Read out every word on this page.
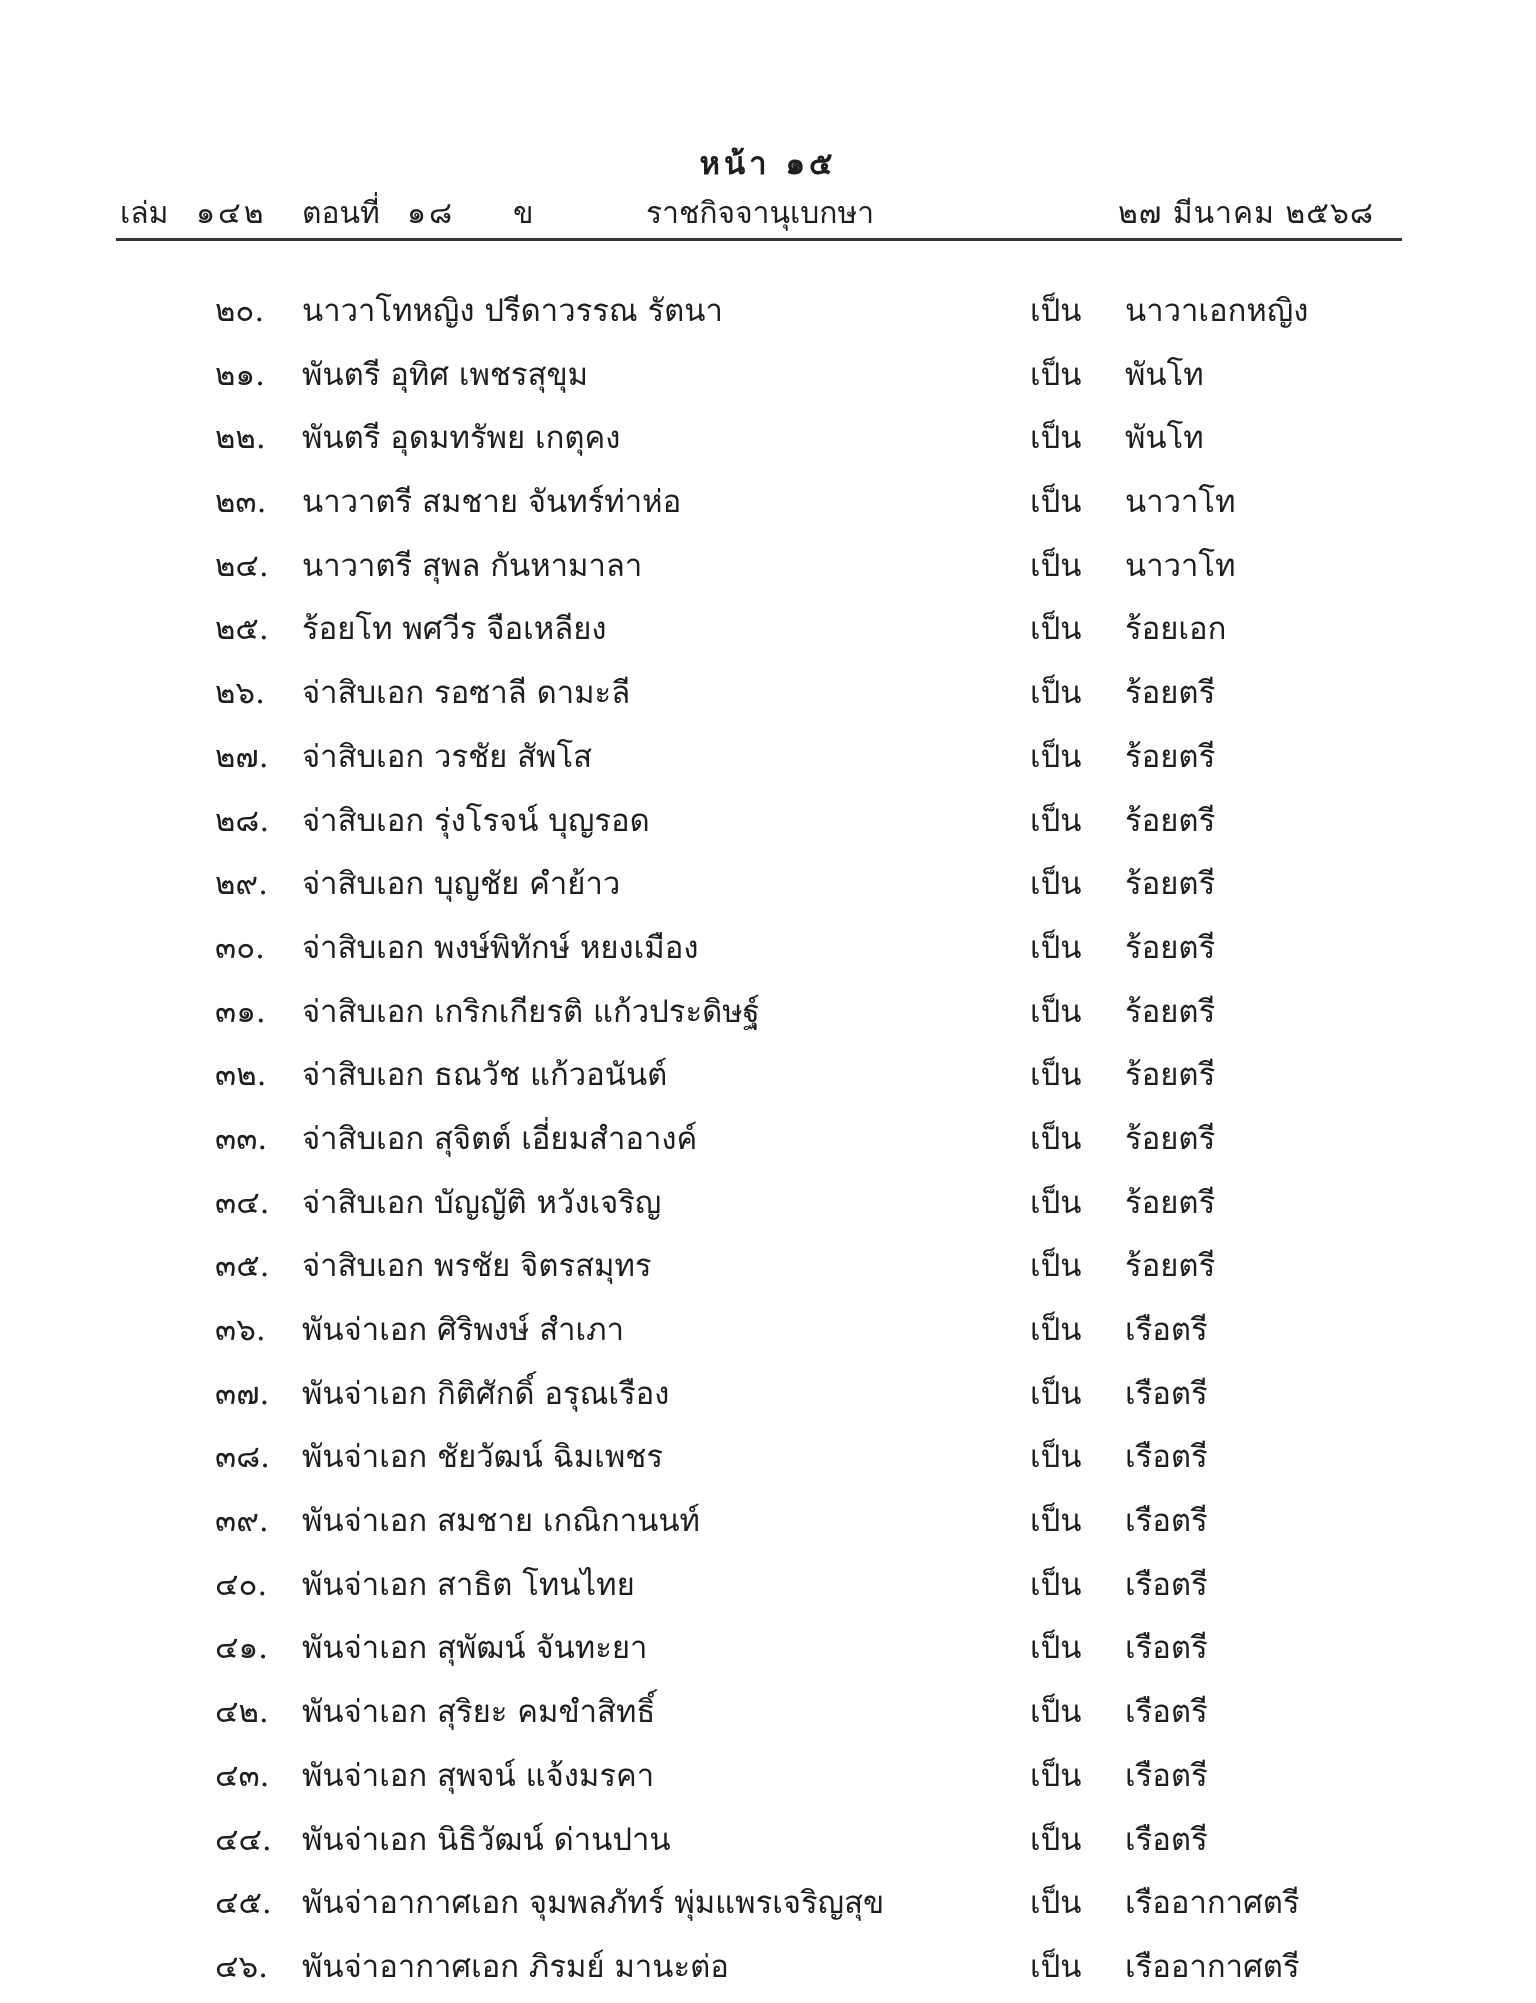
หน้า ๑๕
เล่ม ๑๔๒ ตอนที่ ๑๘ ข	ราชกิจจานุเบกษา	๒๗ มีนาคม ๒๕๖๘
๒๐. นาวาโทหญิง ปรีดาวรรณ รัตนา	เป็น นาวาเอกหญิง
๒๑. พันตรี อุทิศ เพชรสุขุม	เป็น พันโท
๒๒. พันตรี อุดมทรัพย เกตุคง	เป็น พันโท
๒๓. นาวาตรี สมชาย จันทร์ท่าห่อ	เป็น นาวาโท
๒๔. นาวาตรี สุพล กันหามาลา	เป็น นาวาโท
๒๕. ร้อยโท พศวีร จือเหลียง	เป็น ร้อยเอก
๒๖. จ่าสิบเอก รอซาลี ดามะลี	เป็น ร้อยตรี
๒๗. จ่าสิบเอก วรชัย สัพโส	เป็น ร้อยตรี
๒๘. จ่าสิบเอก รุ่งโรจน์ บุญรอด	เป็น ร้อยตรี
๒๙. จ่าสิบเอก บุญชัย คำย้าว	เป็น ร้อยตรี
๓๐. จ่าสิบเอก พงษ์พิทักษ์ หยงเมือง	เป็น ร้อยตรี
๓๑. จ่าสิบเอก เกริกเกียรติ แก้วประดิษฐ์	เป็น ร้อยตรี
๓๒. จ่าสิบเอก ธณวัช แก้วอนันต์	เป็น ร้อยตรี
๓๓. จ่าสิบเอก สุจิตต์ เอี่ยมสำอางค์	เป็น ร้อยตรี
๓๔. จ่าสิบเอก บัญญัติ หวังเจริญ	เป็น ร้อยตรี
๓๕. จ่าสิบเอก พรชัย จิตรสมุทร	เป็น ร้อยตรี
๓๖. พันจ่าเอก ศิริพงษ์ สำเภา	เป็น เรือตรี
๓๗. พันจ่าเอก กิติศักดิ์ อรุณเรือง	เป็น เรือตรี
๓๘. พันจ่าเอก ชัยวัฒน์ ฉิมเพชร	เป็น เรือตรี
๓๙. พันจ่าเอก สมชาย เกณิกานนท์	เป็น เรือตรี
๔๐. พันจ่าเอก สาธิต โทนไทย	เป็น เรือตรี
๔๑. พันจ่าเอก สุพัฒน์ จันทะยา	เป็น เรือตรี
๔๒. พันจ่าเอก สุริยะ คมขำสิทธิ์	เป็น เรือตรี
๔๓. พันจ่าเอก สุพจน์ แจ้งมรคา	เป็น เรือตรี
๔๔. พันจ่าเอก นิธิวัฒน์ ด่านปาน	เป็น เรือตรี
๔๕. พันจ่าอากาศเอก จุมพลภัทร์ พุ่มแพรเจริญสุข	เป็น เรืออากาศตรี
๔๖. พันจ่าอากาศเอก ภิรมย์ มานะต่อ	เป็น เรืออากาศตรี
